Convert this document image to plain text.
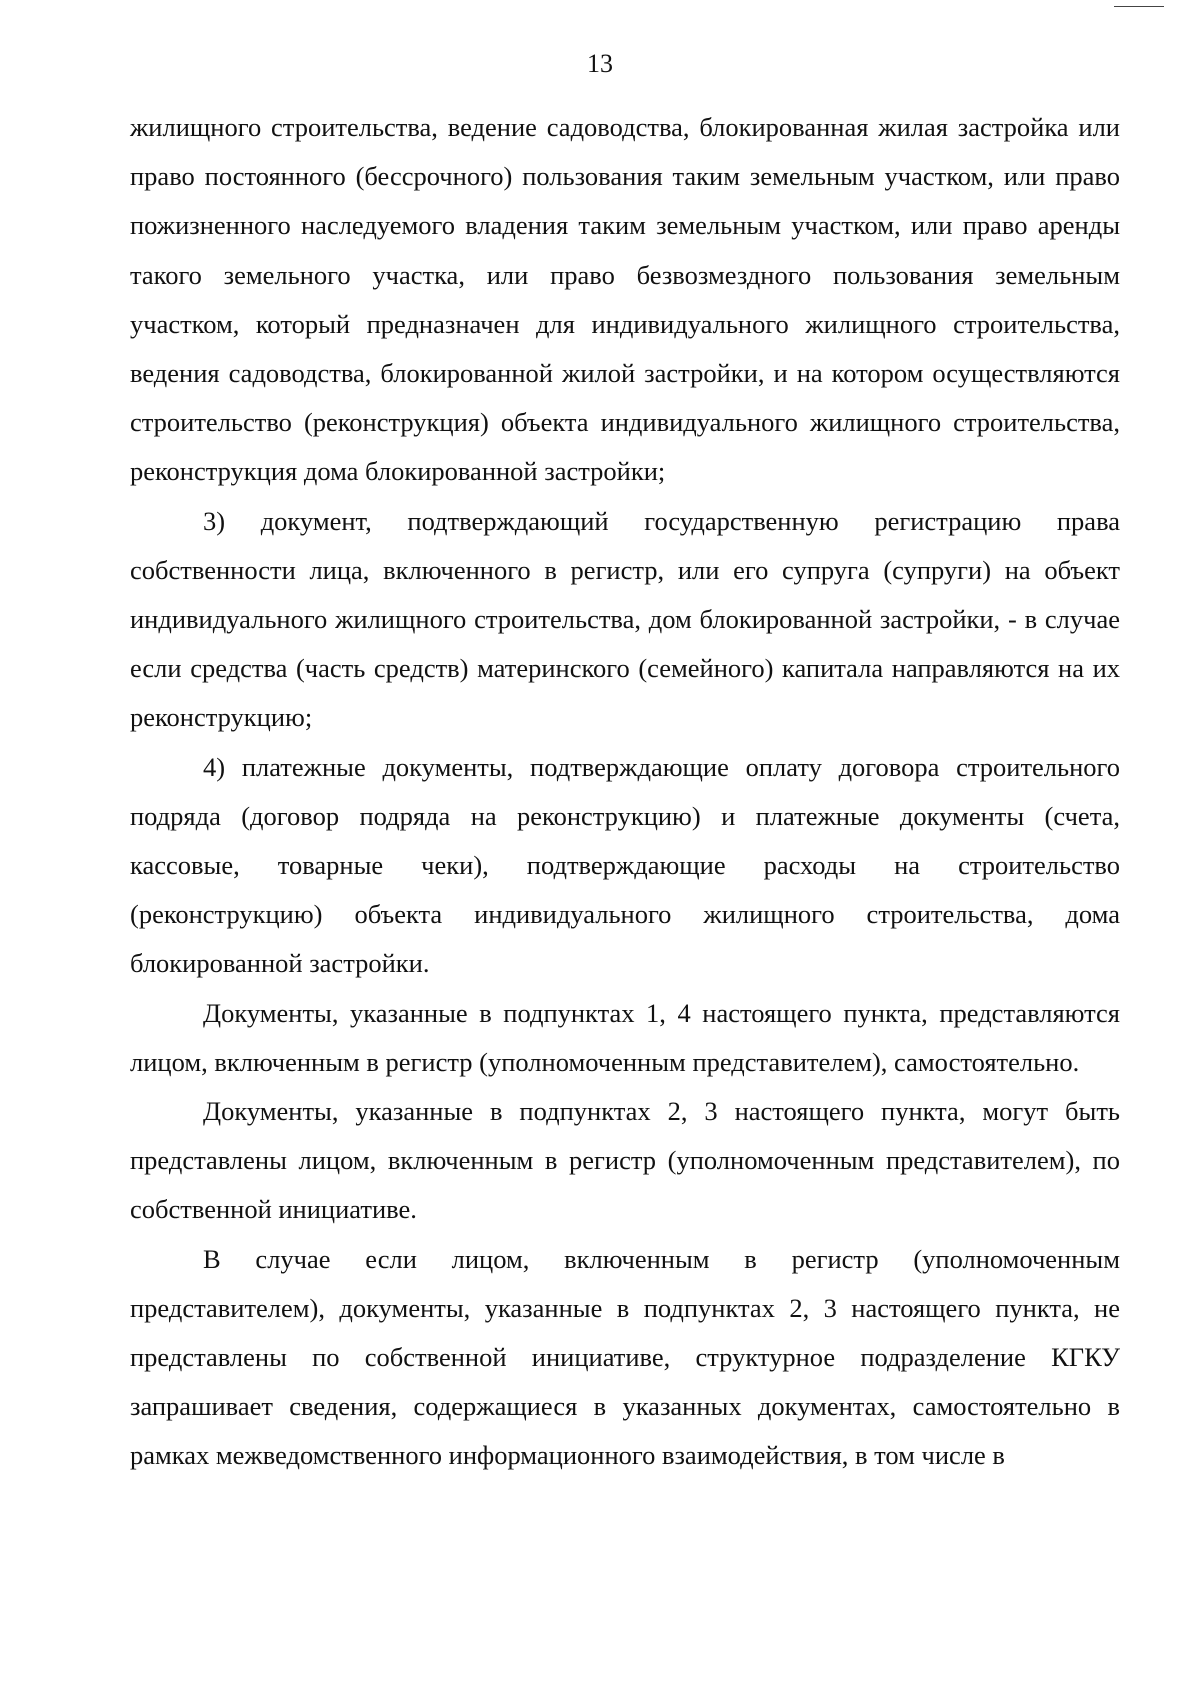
13

жилищного строительства, ведение садоводства, блокированная жилая застройка или право постоянного (бессрочного) пользования таким земельным участком, или право пожизненного наследуемого владения таким земельным участком, или право аренды такого земельного участка, или право безвозмездного пользования земельным участком, который предназначен для индивидуального жилищного строительства, ведения садоводства, блокированной жилой застройки, и на котором осуществляются строительство (реконструкция) объекта индивидуального жилищного строительства, реконструкция дома блокированной застройки;

3) документ, подтверждающий государственную регистрацию права собственности лица, включенного в регистр, или его супруга (супруги) на объект индивидуального жилищного строительства, дом блокированной застройки, - в случае если средства (часть средств) материнского (семейного) капитала направляются на их реконструкцию;

4) платежные документы, подтверждающие оплату договора строительного подряда (договор подряда на реконструкцию) и платежные документы (счета, кассовые, товарные чеки), подтверждающие расходы на строительство (реконструкцию) объекта индивидуального жилищного строительства, дома блокированной застройки.

Документы, указанные в подпунктах 1, 4 настоящего пункта, представляются лицом, включенным в регистр (уполномоченным представителем), самостоятельно.

Документы, указанные в подпунктах 2, 3 настоящего пункта, могут быть представлены лицом, включенным в регистр (уполномоченным представителем), по собственной инициативе.

В случае если лицом, включенным в регистр (уполномоченным представителем), документы, указанные в подпунктах 2, 3 настоящего пункта, не представлены по собственной инициативе, структурное подразделение КГКУ запрашивает сведения, содержащиеся в указанных документах, самостоятельно в рамках межведомственного информационного взаимодействия, в том числе в
